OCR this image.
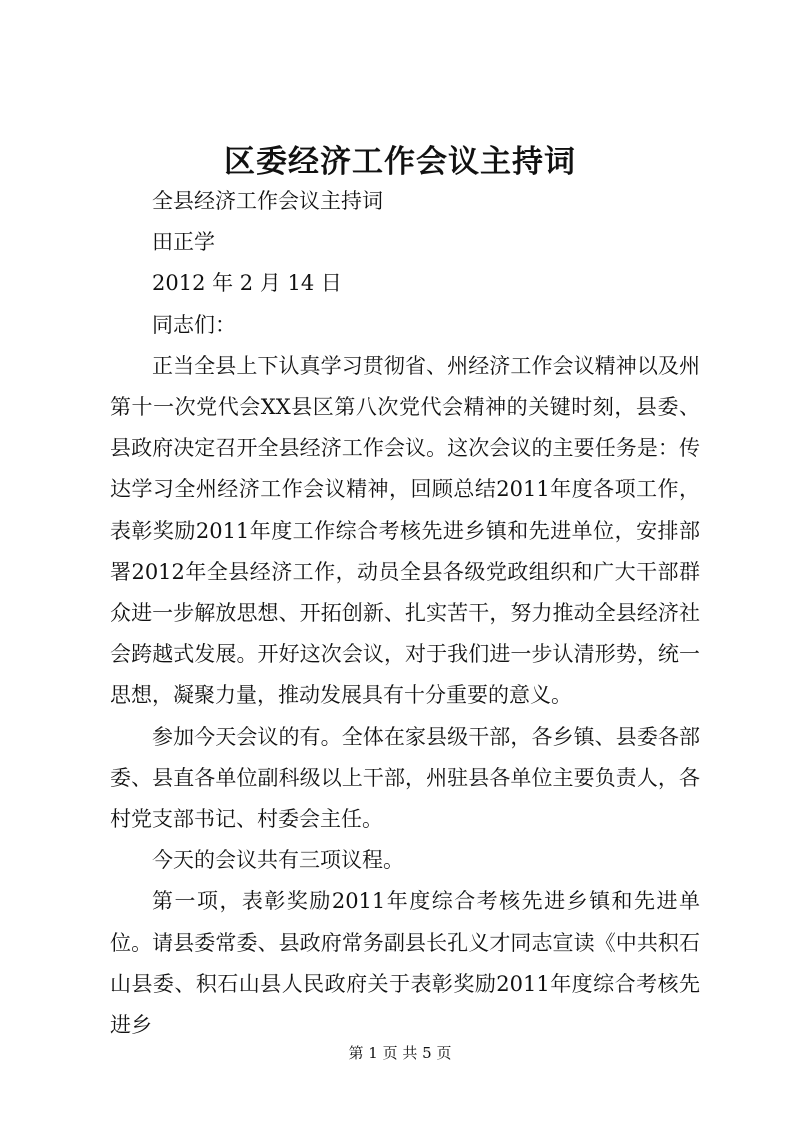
区委经济工作会议主持词

全县经济工作会议主持词

田正学

2012 年 2 月 14 日

同志们：

正当全县上下认真学习贯彻省、州经济工作会议精神以及州第十一次党代会XX县区第八次党代会精神的关键时刻，县委、县政府决定召开全县经济工作会议。这次会议的主要任务是：传达学习全州经济工作会议精神，回顾总结2011年度各项工作，表彰奖励2011年度工作综合考核先进乡镇和先进单位，安排部署2012年全县经济工作，动员全县各级党政组织和广大干部群众进一步解放思想、开拓创新、扎实苦干，努力推动全县经济社会跨越式发展。开好这次会议，对于我们进一步认清形势，统一思想，凝聚力量，推动发展具有十分重要的意义。

参加今天会议的有。全体在家县级干部，各乡镇、县委各部委、县直各单位副科级以上干部，州驻县各单位主要负责人，各村党支部书记、村委会主任。

今天的会议共有三项议程。

第一项，表彰奖励2011年度综合考核先进乡镇和先进单位。请县委常委、县政府常务副县长孔义才同志宣读《中共积石山县委、积石山县人民政府关于表彰奖励2011年度综合考核先进乡

第 1 页 共 5 页
